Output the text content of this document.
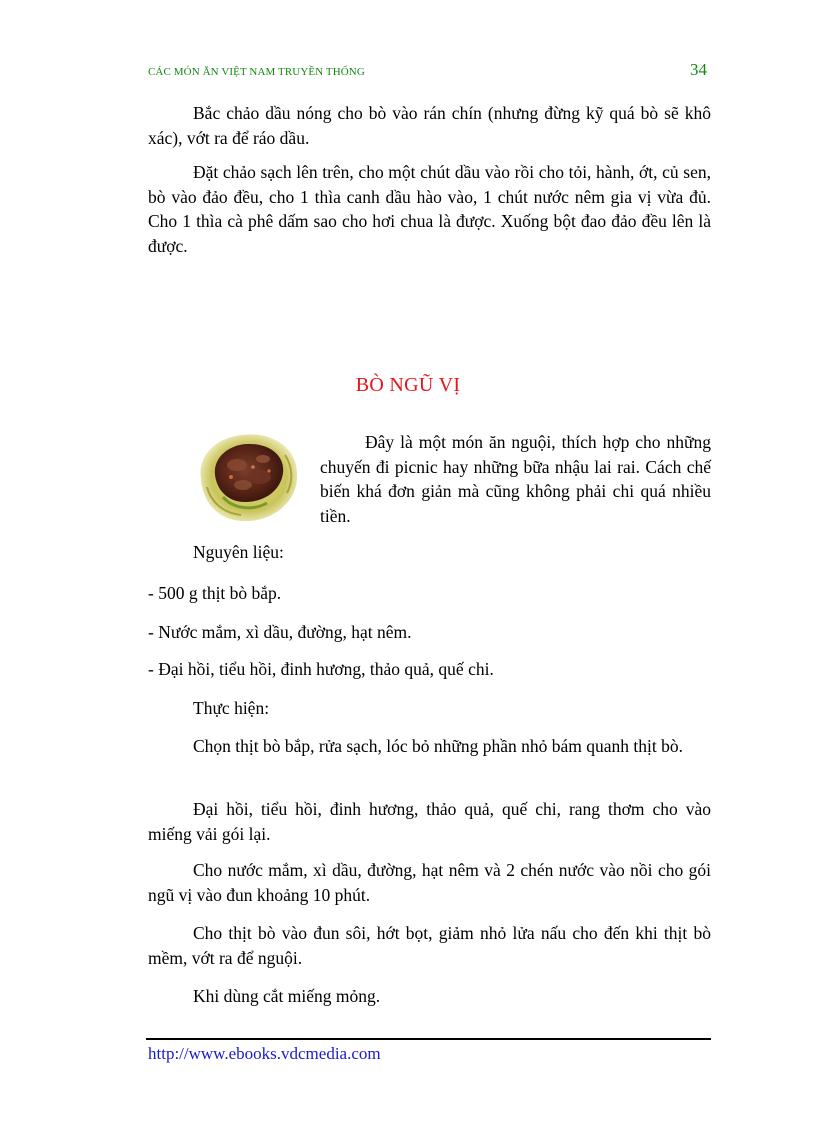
CÁC MÓN ĂN VIỆT NAM TRUYỀN THỐNG	34

Bắc chảo dầu nóng cho bò vào rán chín (nhưng đừng kỹ quá bò sẽ khô xác), vớt ra để ráo dầu.

Đặt chảo sạch lên trên, cho một chút dầu vào rồi cho tỏi, hành, ớt, củ sen, bò vào đảo đều, cho 1 thìa canh dầu hào vào, 1 chút nước nêm gia vị vừa đủ. Cho 1 thìa cà phê dấm sao cho hơi chua là được. Xuống bột đao đảo đều lên là được.

BÒ NGŨ VỊ

Đây là một món ăn nguội, thích hợp cho những chuyến đi picnic hay những bữa nhậu lai rai. Cách chế biến khá đơn giản mà cũng không phải chi quá nhiều tiền.

Nguyên liệu:
- 500 g thịt bò bắp.
- Nước mắm, xì dầu, đường, hạt nêm.
- Đại hồi, tiểu hồi, đinh hương, thảo quả, quế chi.
Thực hiện:

Chọn thịt bò bắp, rửa sạch, lóc bỏ những phần nhỏ bám quanh thịt bò.

Đại hồi, tiểu hồi, đinh hương, thảo quả, quế chi, rang thơm cho vào miếng vải gói lại.

Cho nước mắm, xì dầu, đường, hạt nêm và 2 chén nước vào nồi cho gói ngũ vị vào đun khoảng 10 phút.

Cho thịt bò vào đun sôi, hớt bọt, giảm nhỏ lửa nấu cho đến khi thịt bò mềm, vớt ra để nguội.

Khi dùng cắt miếng mỏng.

http://www.ebooks.vdcmedia.com
